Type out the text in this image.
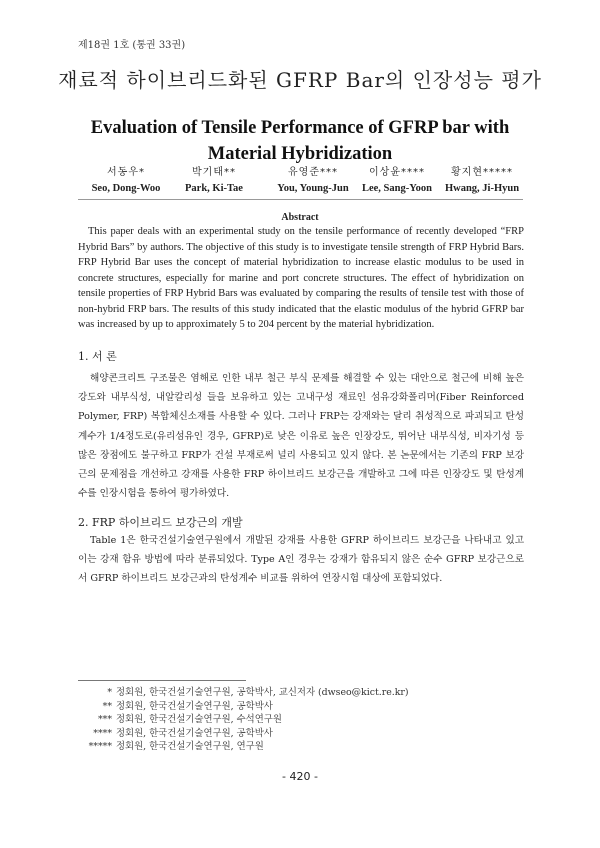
제18권 1호 (통권 33권)
재료적 하이브리드화된 GFRP Bar의 인장성능 평가
Evaluation of Tensile Performance of GFRP bar with Material Hybridization
서동우*
Seo, Dong-Woo
박기태**
Park, Ki-Tae
유영준***
You, Young-Jun
이상윤****
Lee, Sang-Yoon
황지현*****
Hwang, Ji-Hyun
Abstract
This paper deals with an experimental study on the tensile performance of recently developed “FRP Hybrid Bars” by authors. The objective of this study is to investigate tensile strength of FRP Hybrid Bars. FRP Hybrid Bar uses the concept of material hybridization to increase elastic modulus to be used in concrete structures, especially for marine and port concrete structures. The effect of hybridization on tensile properties of FRP Hybrid Bars was evaluated by comparing the results of tensile test with those of non-hybrid FRP bars. The results of this study indicated that the elastic modulus of the hybrid GFRP bar was increased by up to approximately 5 to 204 percent by the material hybridization.
1. 서 론
해양콘크리트 구조물은 염해로 인한 내부 철근 부식 문제를 해결할 수 있는 대안으로 철근에 비해 높은 강도와 내부식성, 내알칼리성 들을 보유하고 있는 고내구성 재료인 섬유강화폴리머(Fiber Reinforced Polymer, FRP) 복합체신소재를 사용할 수 있다. 그러나 FRP는 강재와는 달리 취성적으로 파괴되고 탄성계수가 1/4정도로(유리섬유인 경우, GFRP)로 낮은 이유로 높은 인장강도, 뛰어난 내부식성, 비자기성 등 많은 장점에도 불구하고 FRP가 건설 부재로써 널리 사용되고 있지 않다. 본 논문에서는 기존의 FRP 보강근의 문제점을 개선하고 강재를 사용한 FRP 하이브리드 보강근을 개발하고 그에 따른 인장강도 및 탄성계수를 인장시험을 통하여 평가하였다.
2. FRP 하이브리드 보강근의 개발
Table 1은 한국건설기술연구원에서 개발된 강재를 사용한 GFRP 하이브리드 보강근을 나타내고 있고 이는 강재 함유 방법에 따라 분류되었다. Type A인 경우는 강재가 함유되지 않은 순수 GFRP 보강근으로서 GFRP 하이브리드 보강근과의 탄성계수 비교를 위하여 연장시험 대상에 포함되었다.
* 정회원, 한국건설기술연구원, 공학박사, 교신저자 (dwseo@kict.re.kr)
** 정회원, 한국건설기술연구원, 공학박사
*** 정회원, 한국건설기술연구원, 수석연구원
**** 정회원, 한국건설기술연구원, 공학박사
***** 정회원, 한국건설기술연구원, 연구원
- 420 -
